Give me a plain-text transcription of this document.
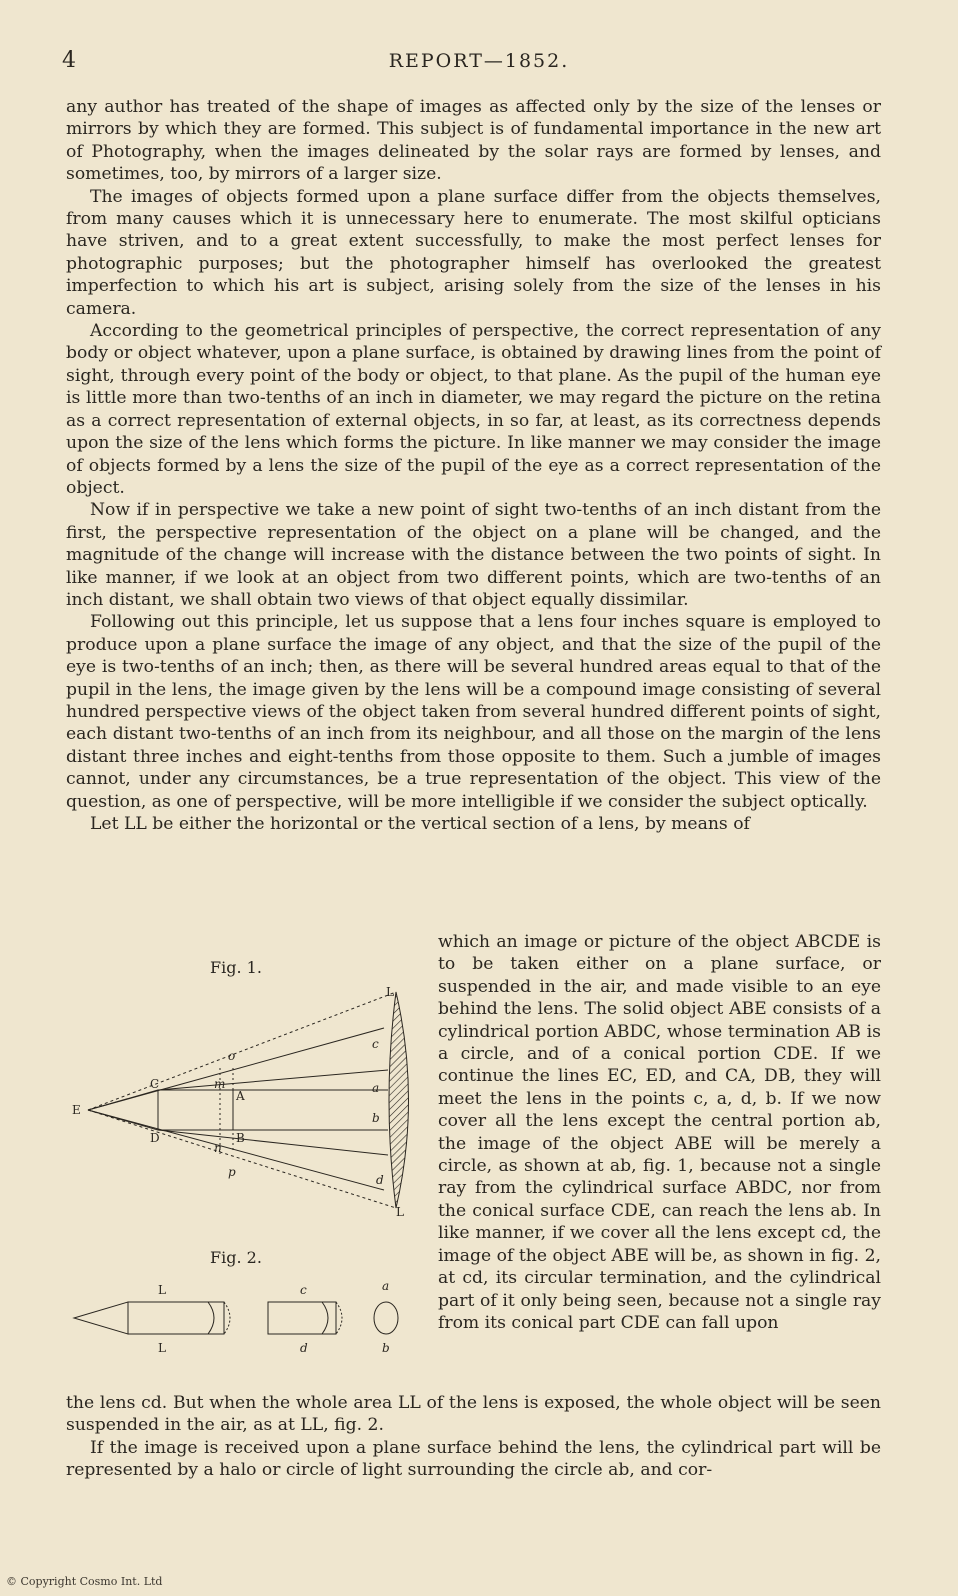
4	REPORT—1852.

any author has treated of the shape of images as affected only by the size of the lenses or mirrors by which they are formed. This subject is of fundamental importance in the new art of Photography, when the images delineated by the solar rays are formed by lenses, and sometimes, too, by mirrors of a larger size.

The images of objects formed upon a plane surface differ from the objects themselves, from many causes which it is unnecessary here to enumerate. The most skilful opticians have striven, and to a great extent successfully, to make the most perfect lenses for photographic purposes; but the photographer himself has overlooked the greatest imperfection to which his art is subject, arising solely from the size of the lenses in his camera.

According to the geometrical principles of perspective, the correct representation of any body or object whatever, upon a plane surface, is obtained by drawing lines from the point of sight, through every point of the body or object, to that plane. As the pupil of the human eye is little more than two-tenths of an inch in diameter, we may regard the picture on the retina as a correct representation of external objects, in so far, at least, as its correctness depends upon the size of the lens which forms the picture. In like manner we may consider the image of objects formed by a lens the size of the pupil of the eye as a correct representation of the object.

Now if in perspective we take a new point of sight two-tenths of an inch distant from the first, the perspective representation of the object on a plane will be changed, and the magnitude of the change will increase with the distance between the two points of sight. In like manner, if we look at an object from two different points, which are two-tenths of an inch distant, we shall obtain two views of that object equally dissimilar.

Following out this principle, let us suppose that a lens four inches square is employed to produce upon a plane surface the image of any object, and that the size of the pupil of the eye is two-tenths of an inch; then, as there will be several hundred areas equal to that of the pupil in the lens, the image given by the lens will be a compound image consisting of several hundred perspective views of the object taken from several hundred different points of sight, each distant two-tenths of an inch from its neighbour, and all those on the margin of the lens distant three inches and eight-tenths from those opposite to them. Such a jumble of images cannot, under any circumstances, be a true representation of the object. This view of the question, as one of perspective, will be more intelligible if we consider the subject optically.

Let LL be either the horizontal or the vertical section of a lens, by means of

Fig. 1.
L
L
E
C
D
A
B
o
m
n
p
c
a
b
d
Fig. 2.
L
L
c
d
a
b

which an image or picture of the object ABCDE is to be taken either on a plane surface, or suspended in the air, and made visible to an eye behind the lens. The solid object ABE consists of a cylindrical portion ABDC, whose termination AB is a circle, and of a conical portion CDE. If we continue the lines EC, ED, and CA, DB, they will meet the lens in the points c, a, d, b. If we now cover all the lens except the central portion ab, the image of the object ABE will be merely a circle, as shown at ab, fig. 1, because not a single ray from the cylindrical surface ABDC, nor from the conical surface CDE, can reach the lens ab. In like manner, if we cover all the lens except cd, the image of the object ABE will be, as shown in fig. 2, at cd, its circular termination, and the cylindrical part of it only being seen, because not a single ray from its conical part CDE can fall upon

the lens cd. But when the whole area LL of the lens is exposed, the whole object will be seen suspended in the air, as at LL, fig. 2.

If the image is received upon a plane surface behind the lens, the cylindrical part will be represented by a halo or circle of light surrounding the circle ab, and cor-

© Copyright Cosmo Int. Ltd
